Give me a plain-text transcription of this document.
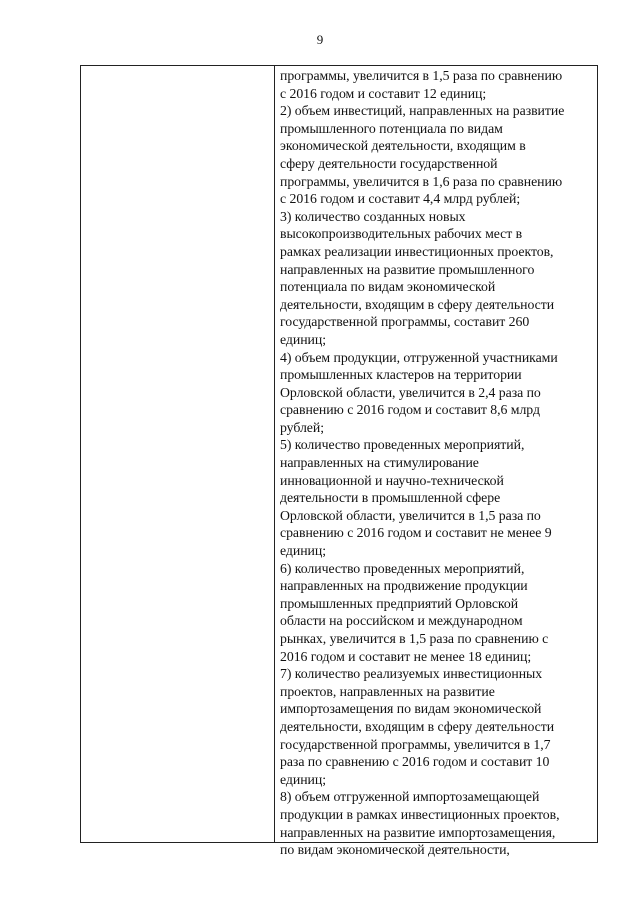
9
программы, увеличится в 1,5 раза по сравнению
с 2016 годом и составит 12 единиц;
2) объем инвестиций, направленных на развитие
промышленного потенциала по видам
экономической деятельности, входящим в
сферу деятельности государственной
программы, увеличится в 1,6 раза по сравнению
с 2016 годом и составит 4,4 млрд рублей;
3) количество созданных новых
высокопроизводительных рабочих мест в
рамках реализации инвестиционных проектов,
направленных на развитие промышленного
потенциала по видам экономической
деятельности, входящим в сферу деятельности
государственной программы, составит 260
единиц;
4) объем продукции, отгруженной участниками
промышленных кластеров на территории
Орловской области, увеличится в 2,4 раза по
сравнению с 2016 годом и составит 8,6 млрд
рублей;
5) количество проведенных мероприятий,
направленных на стимулирование
инновационной и научно-технической
деятельности в промышленной сфере
Орловской области, увеличится в 1,5 раза по
сравнению с 2016 годом и составит не менее 9
единиц;
6) количество проведенных мероприятий,
направленных на продвижение продукции
промышленных предприятий Орловской
области на российском и международном
рынках, увеличится в 1,5 раза по сравнению с
2016 годом и составит не менее 18 единиц;
7) количество реализуемых инвестиционных
проектов, направленных на развитие
импортозамещения по видам экономической
деятельности, входящим в сферу деятельности
государственной программы, увеличится в 1,7
раза по сравнению с 2016 годом и составит 10
единиц;
8) объем отгруженной импортозамещающей
продукции в рамках инвестиционных проектов,
направленных на развитие импортозамещения,
по видам экономической деятельности,
